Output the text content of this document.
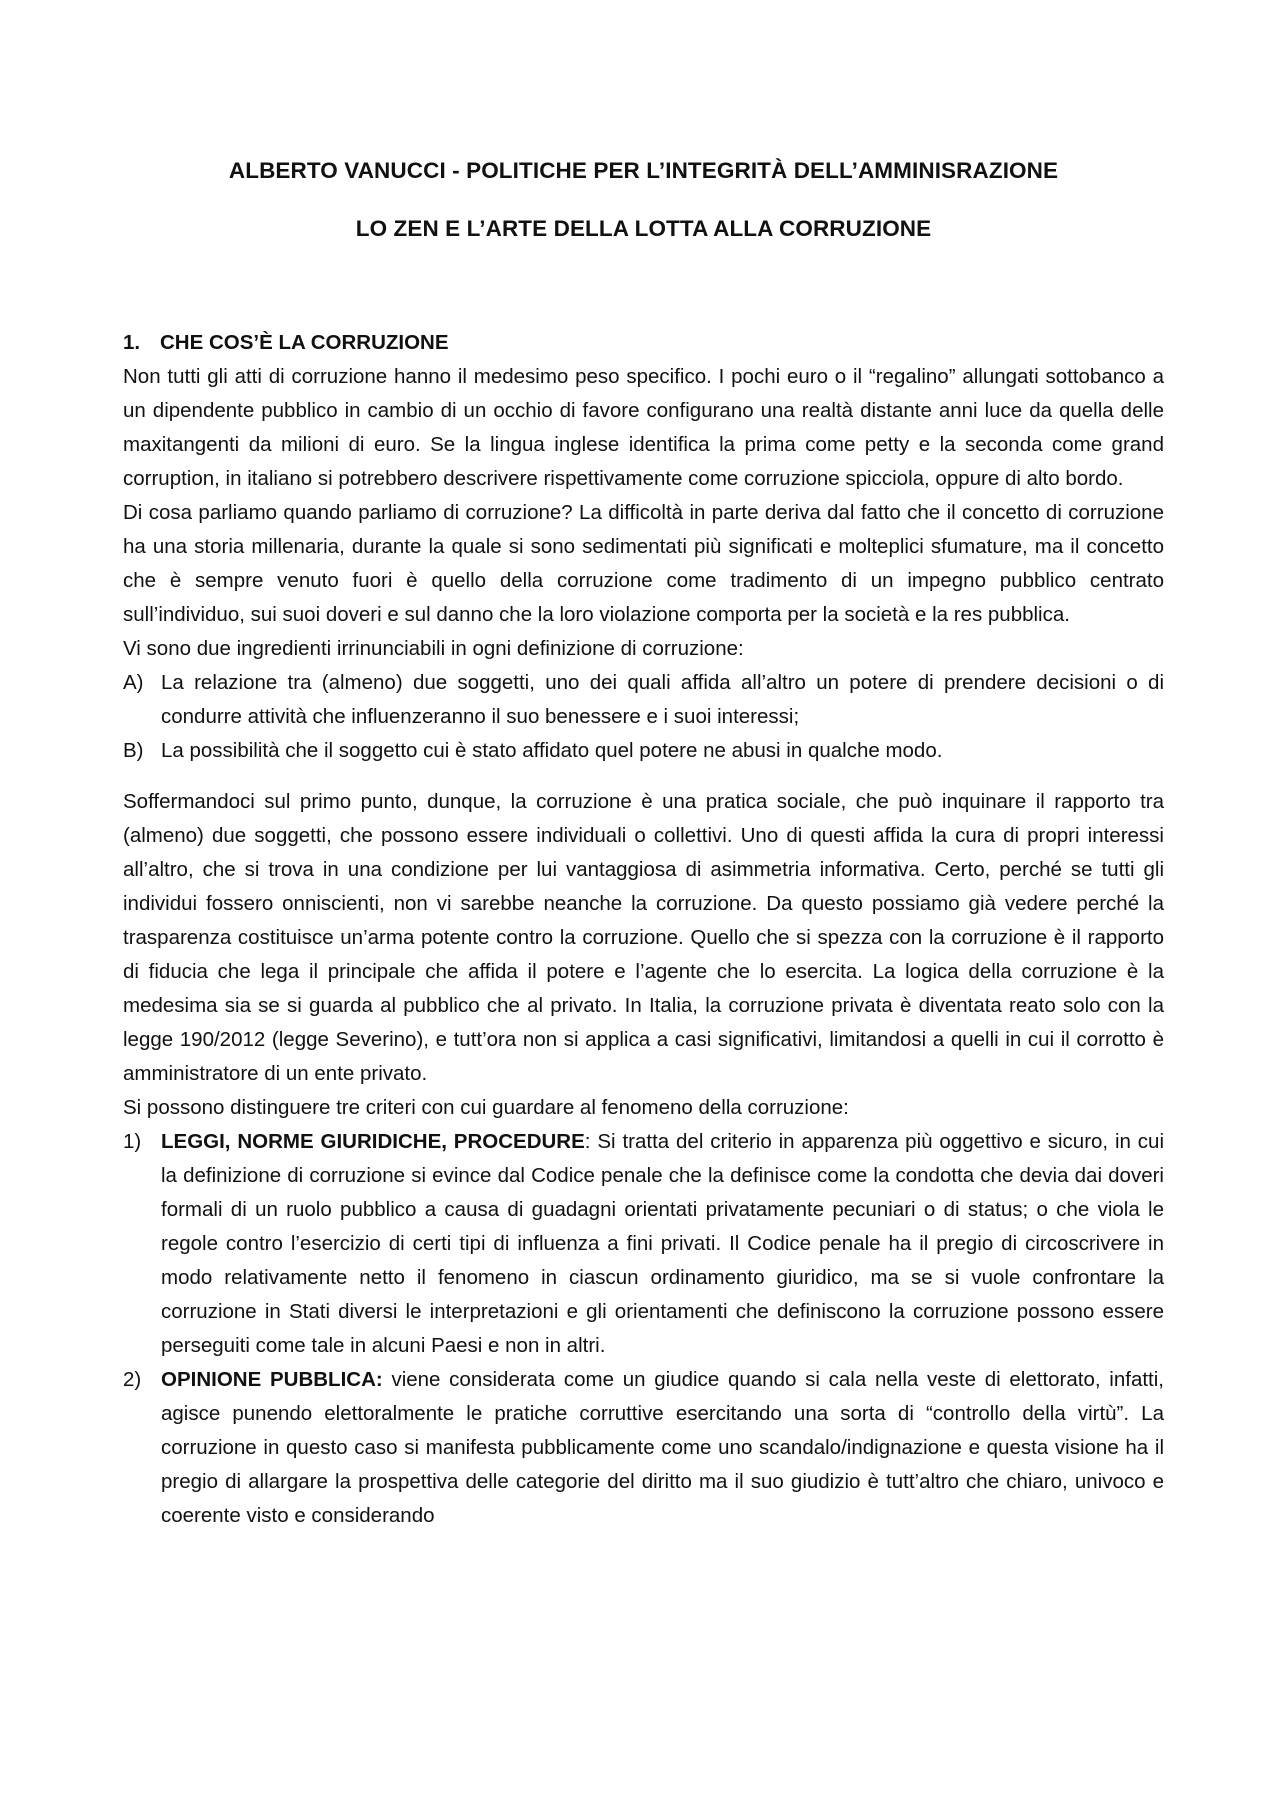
ALBERTO VANUCCI - POLITICHE PER L’INTEGRITÀ DELL’AMMINISRAZIONE
LO ZEN E L’ARTE DELLA LOTTA ALLA CORRUZIONE
1. CHE COS’È LA CORRUZIONE

Non tutti gli atti di corruzione hanno il medesimo peso specifico. I pochi euro o il “regalino” allungati sottobanco a un dipendente pubblico in cambio di un occhio di favore configurano una realtà distante anni luce da quella delle maxitangenti da milioni di euro. Se la lingua inglese identifica la prima come petty e la seconda come grand corruption, in italiano si potrebbero descrivere rispettivamente come corruzione spicciola, oppure di alto bordo.

Di cosa parliamo quando parliamo di corruzione? La difficoltà in parte deriva dal fatto che il concetto di corruzione ha una storia millenaria, durante la quale si sono sedimentati più significati e molteplici sfumature, ma il concetto che è sempre venuto fuori è quello della corruzione come tradimento di un impegno pubblico centrato sull’individuo, sui suoi doveri e sul danno che la loro violazione comporta per la società e la res pubblica.

Vi sono due ingredienti irrinunciabili in ogni definizione di corruzione:

A) La relazione tra (almeno) due soggetti, uno dei quali affida all’altro un potere di prendere decisioni o di condurre attività che influenzeranno il suo benessere e i suoi interessi;
B) La possibilità che il soggetto cui è stato affidato quel potere ne abusi in qualche modo.

Soffermandoci sul primo punto, dunque, la corruzione è una pratica sociale, che può inquinare il rapporto tra (almeno) due soggetti, che possono essere individuali o collettivi. Uno di questi affida la cura di propri interessi all’altro, che si trova in una condizione per lui vantaggiosa di asimmetria informativa. Certo, perché se tutti gli individui fossero onniscienti, non vi sarebbe neanche la corruzione. Da questo possiamo già vedere perché la trasparenza costituisce un’arma potente contro la corruzione. Quello che si spezza con la corruzione è il rapporto di fiducia che lega il principale che affida il potere e l’agente che lo esercita. La logica della corruzione è la medesima sia se si guarda al pubblico che al privato. In Italia, la corruzione privata è diventata reato solo con la legge 190/2012 (legge Severino), e tutt’ora non si applica a casi significativi, limitandosi a quelli in cui il corrotto è amministratore di un ente privato.

Si possono distinguere tre criteri con cui guardare al fenomeno della corruzione:

1) LEGGI, NORME GIURIDICHE, PROCEDURE: Si tratta del criterio in apparenza più oggettivo e sicuro, in cui la definizione di corruzione si evince dal Codice penale che la definisce come la condotta che devia dai doveri formali di un ruolo pubblico a causa di guadagni orientati privatamente pecuniari o di status; o che viola le regole contro l’esercizio di certi tipi di influenza a fini privati. Il Codice penale ha il pregio di circoscrivere in modo relativamente netto il fenomeno in ciascun ordinamento giuridico, ma se si vuole confrontare la corruzione in Stati diversi le interpretazioni e gli orientamenti che definiscono la corruzione possono essere perseguiti come tale in alcuni Paesi e non in altri.
2) OPINIONE PUBBLICA: viene considerata come un giudice quando si cala nella veste di elettorato, infatti, agisce punendo elettoralmente le pratiche corruttive esercitando una sorta di “controllo della virtù”. La corruzione in questo caso si manifesta pubblicamente come uno scandalo/indignazione e questa visione ha il pregio di allargare la prospettiva delle categorie del diritto ma il suo giudizio è tutt’altro che chiaro, univoco e coerente visto e considerando
